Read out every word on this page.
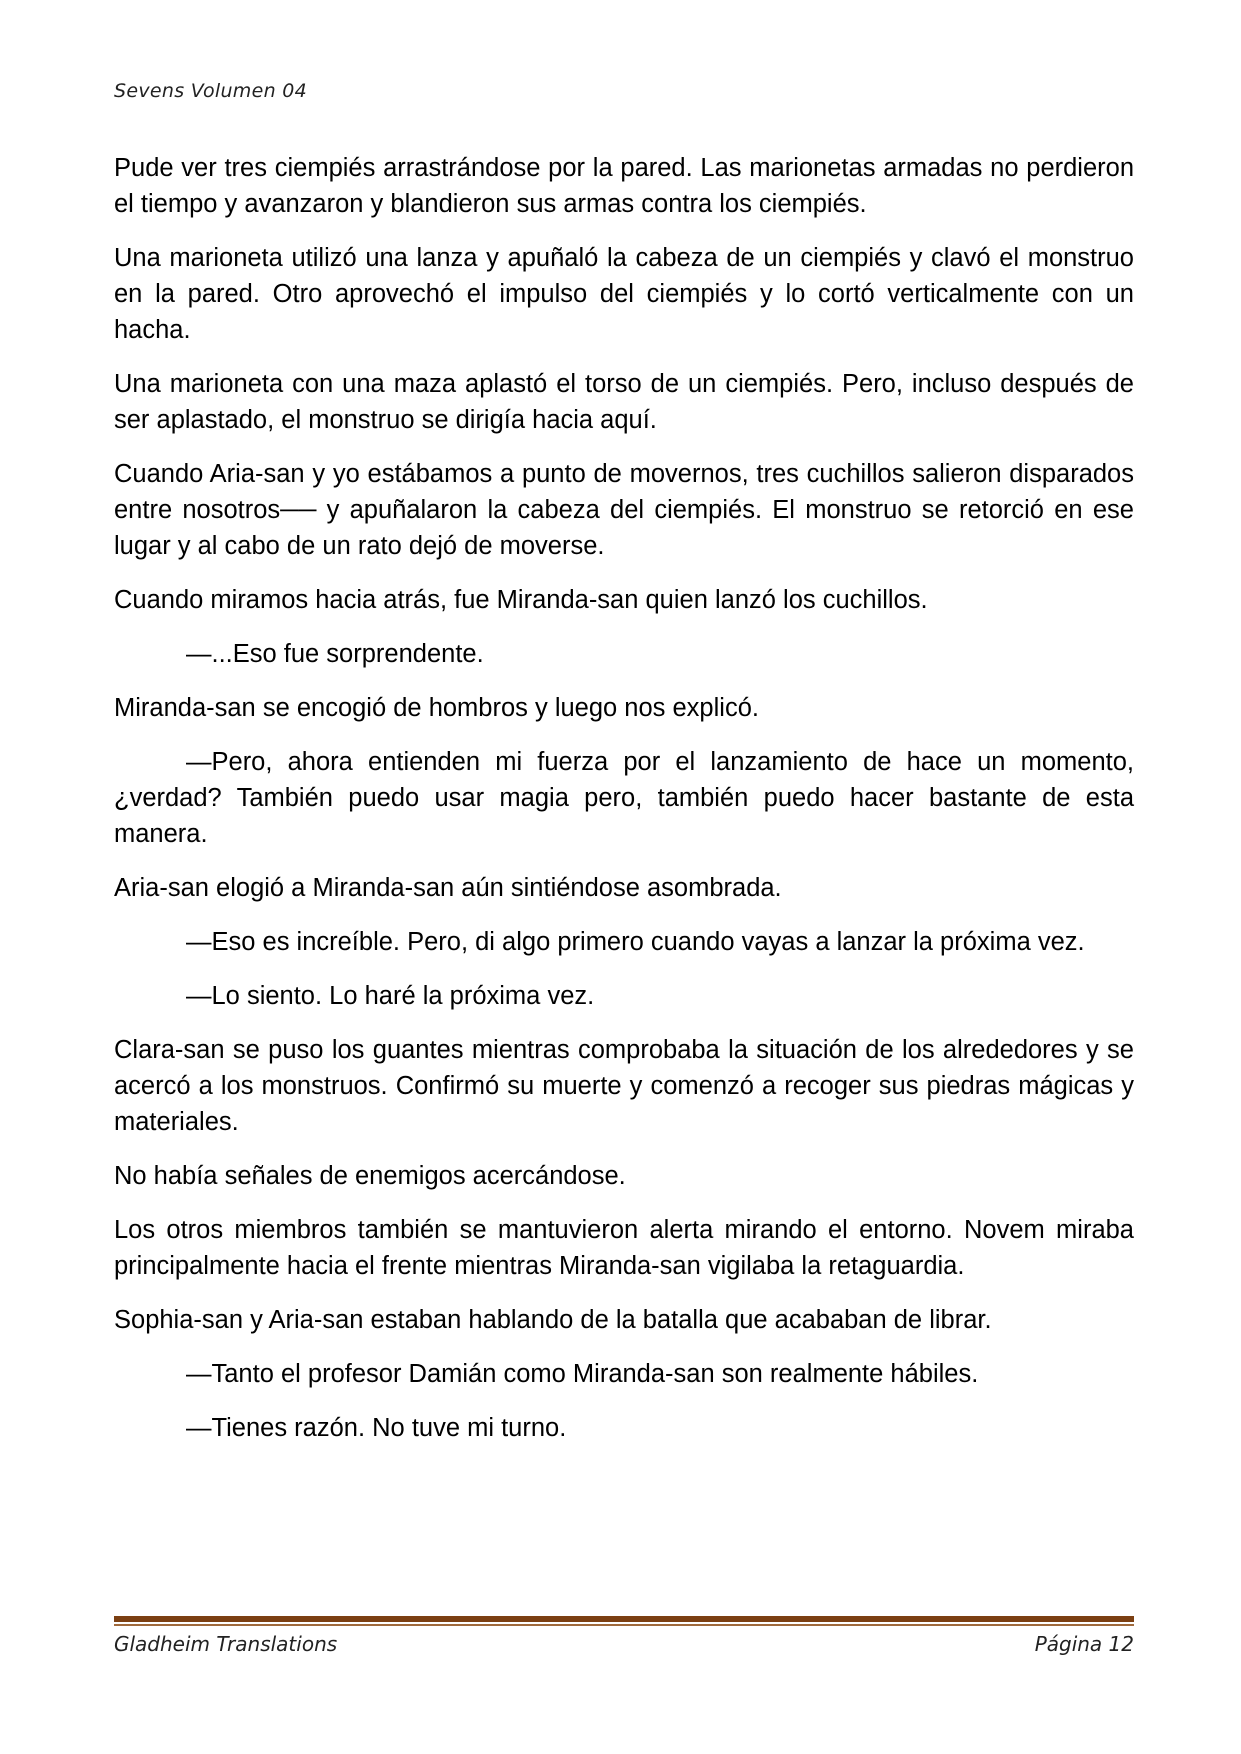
Sevens Volumen 04

Pude ver tres ciempiés arrastrándose por la pared. Las marionetas armadas no perdieron el tiempo y avanzaron y blandieron sus armas contra los ciempiés.

Una marioneta utilizó una lanza y apuñaló la cabeza de un ciempiés y clavó el monstruo en la pared. Otro aprovechó el impulso del ciempiés y lo cortó verticalmente con un hacha.

Una marioneta con una maza aplastó el torso de un ciempiés. Pero, incluso después de ser aplastado, el monstruo se dirigía hacia aquí.

Cuando Aria-san y yo estábamos a punto de movernos, tres cuchillos salieron disparados entre nosotros── y apuñalaron la cabeza del ciempiés. El monstruo se retorció en ese lugar y al cabo de un rato dejó de moverse.

Cuando miramos hacia atrás, fue Miranda-san quien lanzó los cuchillos.

—...Eso fue sorprendente.

Miranda-san se encogió de hombros y luego nos explicó.

—Pero, ahora entienden mi fuerza por el lanzamiento de hace un momento, ¿verdad? También puedo usar magia pero, también puedo hacer bastante de esta manera.

Aria-san elogió a Miranda-san aún sintiéndose asombrada.

—Eso es increíble. Pero, di algo primero cuando vayas a lanzar la próxima vez.

—Lo siento. Lo haré la próxima vez.

Clara-san se puso los guantes mientras comprobaba la situación de los alrededores y se acercó a los monstruos. Confirmó su muerte y comenzó a recoger sus piedras mágicas y materiales.

No había señales de enemigos acercándose.

Los otros miembros también se mantuvieron alerta mirando el entorno. Novem miraba principalmente hacia el frente mientras Miranda-san vigilaba la retaguardia.

Sophia-san y Aria-san estaban hablando de la batalla que acababan de librar.

—Tanto el profesor Damián como Miranda-san son realmente hábiles.

—Tienes razón. No tuve mi turno.

Gladheim Translations	Página 12
